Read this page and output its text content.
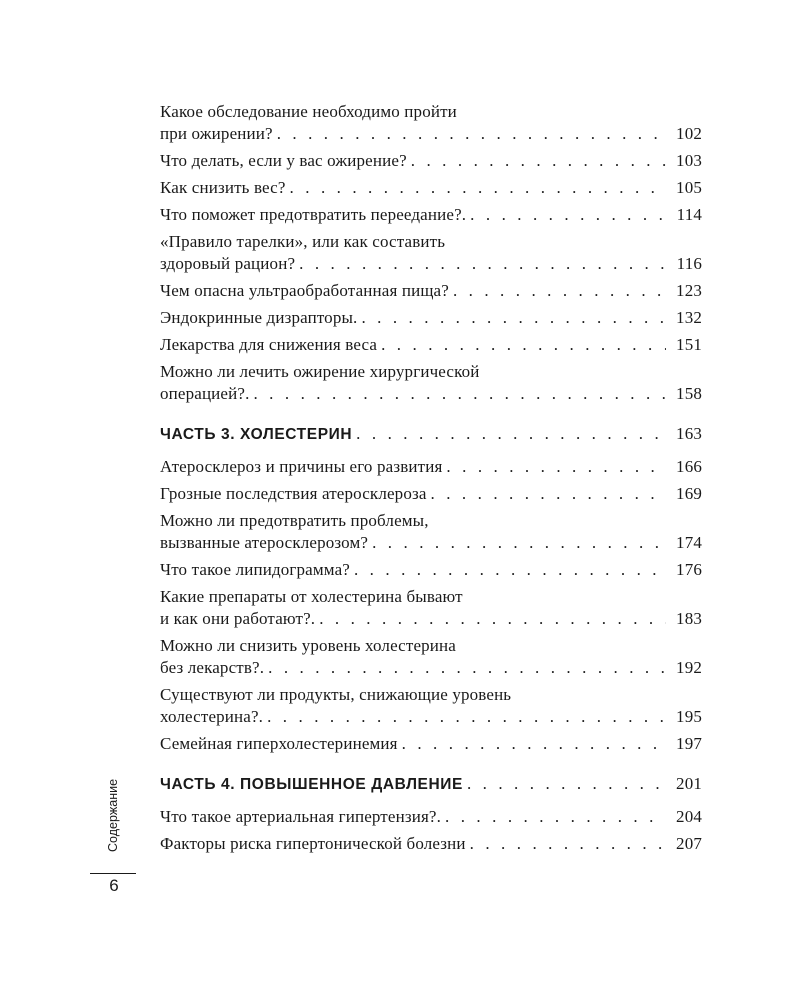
Какое обследование необходимо пройти
при ожирении? . . .	102
Что делать, если у вас ожирение? . . .	103
Как снизить вес? . . .	105
Что поможет предотвратить переедание?. . . .	114
«Правило тарелки», или как составить
здоровый рацион? . . .	116
Чем опасна ультраобработанная пища? . . .	123
Эндокринные дизрапторы. . . .	132
Лекарства для снижения веса . . .	151
Можно ли лечить ожирение хирургической
операцией?. . . .	158
ЧАСТЬ 3. ХОЛЕСТЕРИН . . .	163
Атеросклероз и причины его развития . . .	166
Грозные последствия атеросклероза . . .	169
Можно ли предотвратить проблемы,
вызванные атеросклерозом? . . .	174
Что такое липидограмма? . . .	176
Какие препараты от холестерина бывают
и как они работают?. . . .	183
Можно ли снизить уровень холестерина
без лекарств?. . . .	192
Существуют ли продукты, снижающие уровень
холестерина?. . . .	195
Семейная гиперхолестеринемия . . .	197
ЧАСТЬ 4. ПОВЫШЕННОЕ ДАВЛЕНИЕ . . .	201
Что такое артериальная гипертензия?. . . .	204
Факторы риска гипертонической болезни . . .	207
Содержание
6
